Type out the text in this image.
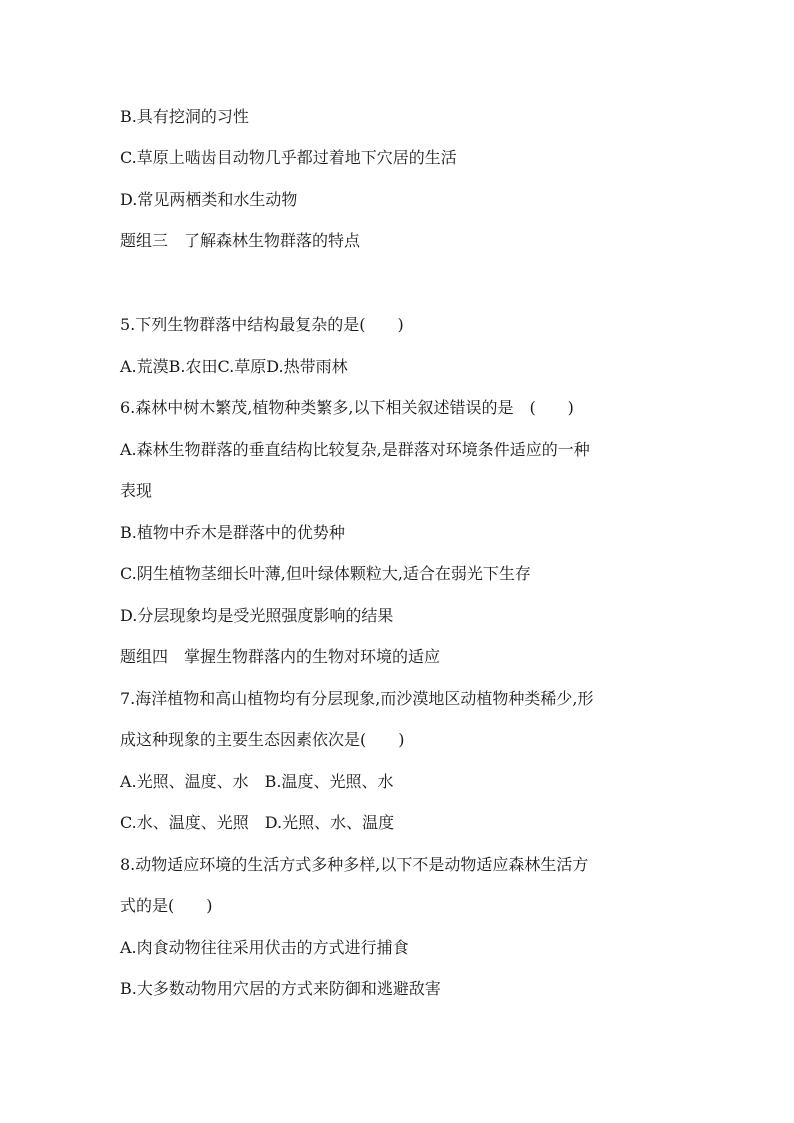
B.具有挖洞的习性
C.草原上啮齿目动物几乎都过着地下穴居的生活
D.常见两栖类和水生动物
题组三　了解森林生物群落的特点
5.下列生物群落中结构最复杂的是(　　)
A.荒漠B.农田C.草原D.热带雨林
6.森林中树木繁茂,植物种类繁多,以下相关叙述错误的是　(　　)
A.森林生物群落的垂直结构比较复杂,是群落对环境条件适应的一种
表现
B.植物中乔木是群落中的优势种
C.阴生植物茎细长叶薄,但叶绿体颗粒大,适合在弱光下生存
D.分层现象均是受光照强度影响的结果
题组四　掌握生物群落内的生物对环境的适应
7.海洋植物和高山植物均有分层现象,而沙漠地区动植物种类稀少,形
成这种现象的主要生态因素依次是(　　)
A.光照、温度、水　B.温度、光照、水
C.水、温度、光照　D.光照、水、温度
8.动物适应环境的生活方式多种多样,以下不是动物适应森林生活方
式的是(　　)
A.肉食动物往往采用伏击的方式进行捕食
B.大多数动物用穴居的方式来防御和逃避敌害
